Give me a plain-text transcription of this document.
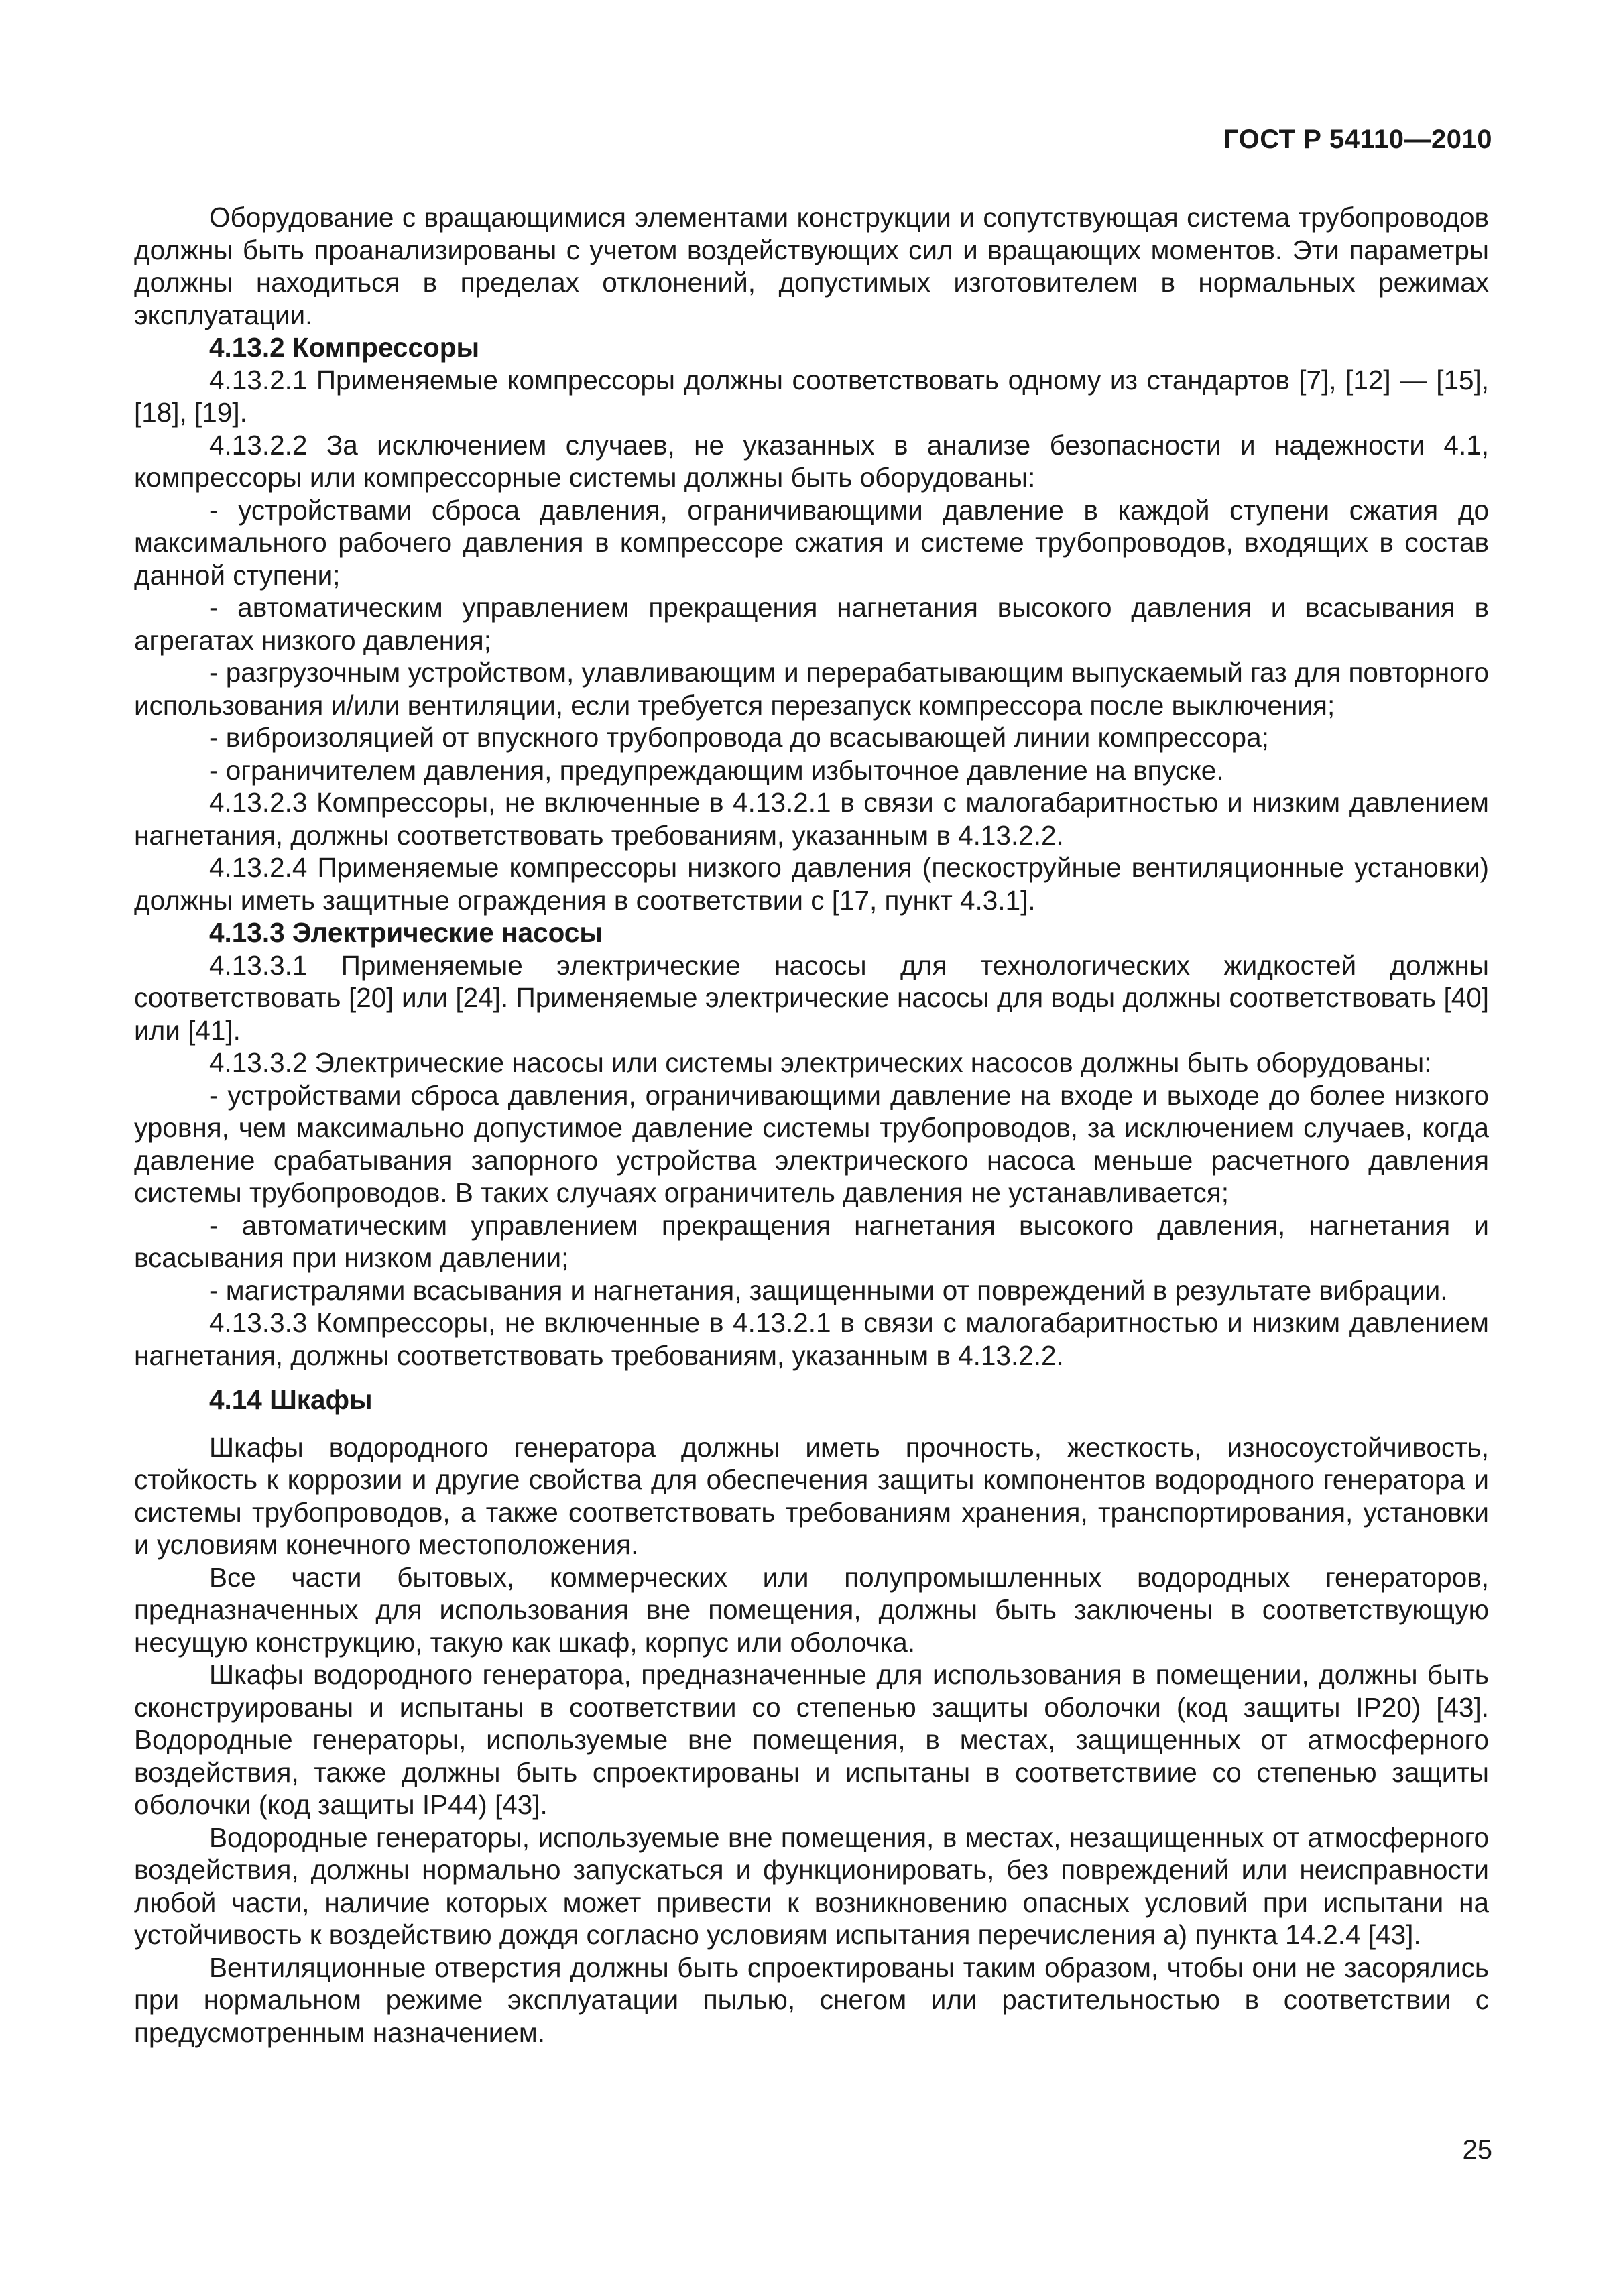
ГОСТ Р 54110—2010

Оборудование с вращающимися элементами конструкции и сопутствующая система трубопроводов должны быть проанализированы с учетом воздействующих сил и вращающих моментов. Эти параметры должны находиться в пределах отклонений, допустимых изготовителем в нормальных режимах эксплуатации.

4.13.2 Компрессоры

4.13.2.1 Применяемые компрессоры должны соответствовать одному из стандартов [7], [12] — [15], [18], [19].

4.13.2.2 За исключением случаев, не указанных в анализе безопасности и надежности 4.1, компрессоры или компрессорные системы должны быть оборудованы:

- устройствами сброса давления, ограничивающими давление в каждой ступени сжатия до максимального рабочего давления в компрессоре сжатия и системе трубопроводов, входящих в состав данной ступени;

- автоматическим управлением прекращения нагнетания высокого давления и всасывания в агрегатах низкого давления;

- разгрузочным устройством, улавливающим и перерабатывающим выпускаемый газ для повторного использования и/или вентиляции, если требуется перезапуск компрессора после выключения;

- виброизоляцией от впускного трубопровода до всасывающей линии компрессора;

- ограничителем давления, предупреждающим избыточное давление на впуске.

4.13.2.3 Компрессоры, не включенные в 4.13.2.1 в связи с малогабаритностью и низким давлением нагнетания, должны соответствовать требованиям, указанным в 4.13.2.2.

4.13.2.4 Применяемые компрессоры низкого давления (пескоструйные вентиляционные установки) должны иметь защитные ограждения в соответствии с [17, пункт 4.3.1].

4.13.3 Электрические насосы

4.13.3.1 Применяемые электрические насосы для технологических жидкостей должны соответствовать [20] или [24]. Применяемые электрические насосы для воды должны соответствовать [40] или [41].

4.13.3.2 Электрические насосы или системы электрических насосов должны быть оборудованы:

- устройствами сброса давления, ограничивающими давление на входе и выходе до более низкого уровня, чем максимально допустимое давление системы трубопроводов, за исключением случаев, когда давление срабатывания запорного устройства электрического насоса меньше расчетного давления системы трубопроводов. В таких случаях ограничитель давления не устанавливается;

- автоматическим управлением прекращения нагнетания высокого давления, нагнетания и всасывания при низком давлении;

- магистралями всасывания и нагнетания, защищенными от повреждений в результате вибрации.

4.13.3.3 Компрессоры, не включенные в 4.13.2.1 в связи с малогабаритностью и низким давлением нагнетания, должны соответствовать требованиям, указанным в 4.13.2.2.

4.14 Шкафы

Шкафы водородного генератора должны иметь прочность, жесткость, износоустойчивость, стойкость к коррозии и другие свойства для обеспечения защиты компонентов водородного генератора и системы трубопроводов, а также соответствовать требованиям хранения, транспортирования, установки и условиям конечного местоположения.

Все части бытовых, коммерческих или полупромышленных водородных генераторов, предназначенных для использования вне помещения, должны быть заключены в соответствующую несущую конструкцию, такую как шкаф, корпус или оболочка.

Шкафы водородного генератора, предназначенные для использования в помещении, должны быть сконструированы и испытаны в соответствии со степенью защиты оболочки (код защиты IP20) [43]. Водородные генераторы, используемые вне помещения, в местах, защищенных от атмосферного воздействия, также должны быть спроектированы и испытаны в соответствиие со степенью защиты оболочки (код защиты IP44) [43].

Водородные генераторы, используемые вне помещения, в местах, незащищенных от атмосферного воздействия, должны нормально запускаться и функционировать, без повреждений или неисправности любой части, наличие которых может привести к возникновению опасных условий при испытани на устойчивость к воздействию дождя согласно условиям испытания перечисления а) пункта 14.2.4 [43].

Вентиляционные отверстия должны быть спроектированы таким образом, чтобы они не засорялись при нормальном режиме эксплуатации пылью, снегом или растительностью в соответствии с предусмотренным назначением.

25
